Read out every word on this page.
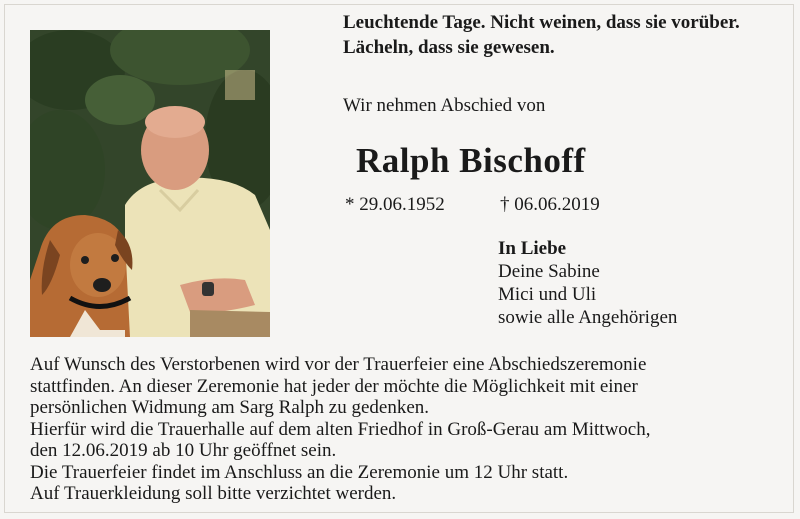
Leuchtende Tage. Nicht weinen, dass sie vorüber.
Lächeln, dass sie gewesen.
Wir nehmen Abschied von
Ralph Bischoff
* 29.06.1952	† 06.06.2019
In Liebe
Deine Sabine
Mici und Uli
sowie alle Angehörigen
Auf Wunsch des Verstorbenen wird vor der Trauerfeier eine Abschiedszeremonie
stattfinden. An dieser Zeremonie hat jeder der möchte die Möglichkeit mit einer
persönlichen Widmung am Sarg Ralph zu gedenken.
Hierfür wird die Trauerhalle auf dem alten Friedhof in Groß-Gerau am Mittwoch,
den 12.06.2019 ab 10 Uhr geöffnet sein.
Die Trauerfeier findet im Anschluss an die Zeremonie um 12 Uhr statt.
Auf Trauerkleidung soll bitte verzichtet werden.
